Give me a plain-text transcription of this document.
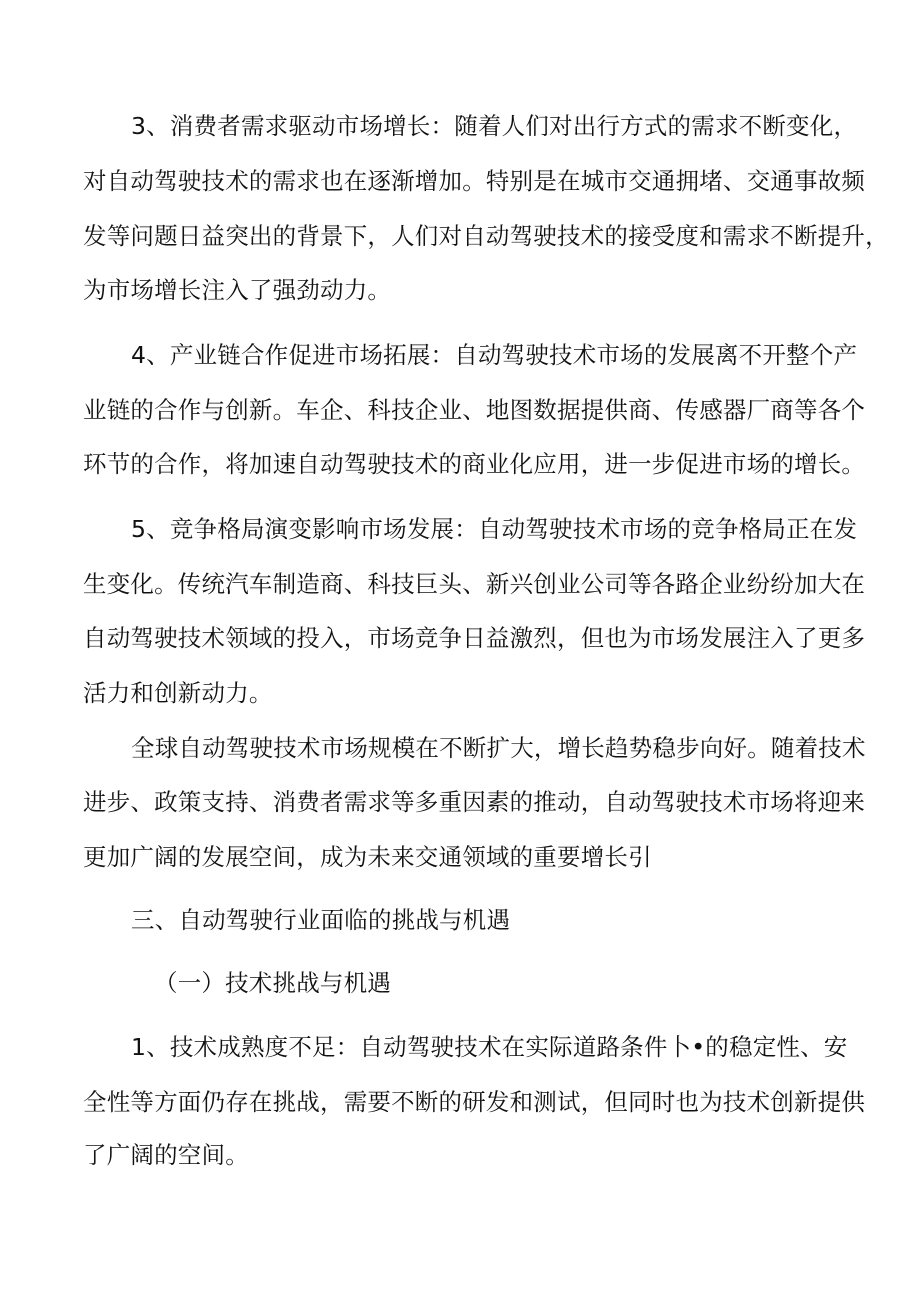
3、消费者需求驱动市场增长：随着人们对出行方式的需求不断变化，
对自动驾驶技术的需求也在逐渐增加。特别是在城市交通拥堵、交通事故频
发等问题日益突出的背景下，人们对自动驾驶技术的接受度和需求不断提升，
为市场增长注入了强劲动力。
4、产业链合作促进市场拓展：自动驾驶技术市场的发展离不开整个产
业链的合作与创新。车企、科技企业、地图数据提供商、传感器厂商等各个
环节的合作，将加速自动驾驶技术的商业化应用，进一步促进市场的增长。
5、竞争格局演变影响市场发展：自动驾驶技术市场的竞争格局正在发
生变化。传统汽车制造商、科技巨头、新兴创业公司等各路企业纷纷加大在
自动驾驶技术领域的投入，市场竞争日益激烈，但也为市场发展注入了更多
活力和创新动力。
全球自动驾驶技术市场规模在不断扩大，增长趋势稳步向好。随着技术
进步、政策支持、消费者需求等多重因素的推动，自动驾驶技术市场将迎来
更加广阔的发展空间，成为未来交通领域的重要增长引
三、自动驾驶行业面临的挑战与机遇
（一）技术挑战与机遇
1、技术成熟度不足：自动驾驶技术在实际道路条件卜•的稳定性、安
全性等方面仍存在挑战，需要不断的研发和测试，但同时也为技术创新提供
了广阔的空间。
